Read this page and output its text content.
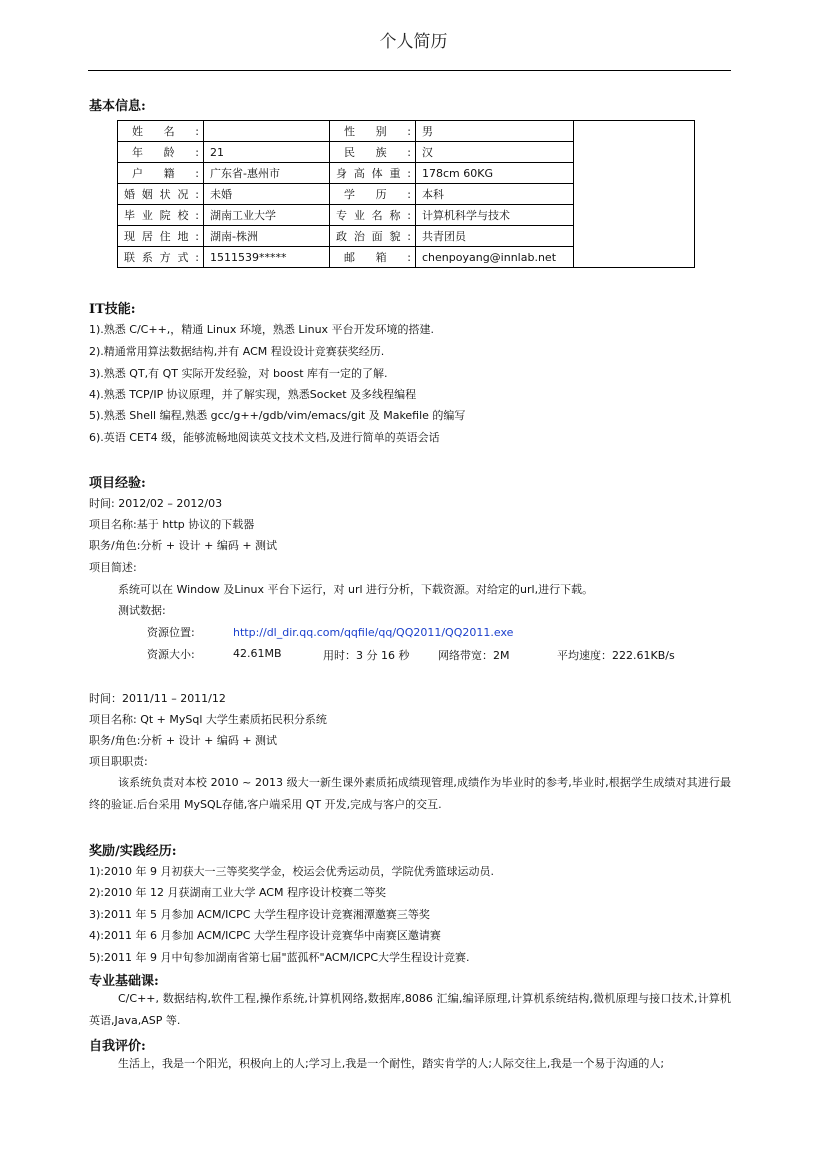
个人简历
基本信息:
姓名:		性别:	男	
年龄:	21	民族:	汉	
户籍:	广东省-惠州市	身高体重:	178cm 60KG	
婚姻状况:	未婚	学历:	本科	
毕业院校:	湖南工业大学	专业名称:	计算机科学与技术	
现居住地:	湖南-株洲	政治面貌:	共青团员	
联系方式:	1511539*****	邮箱:	chenpoyang@innlab.net	
IT技能:
1).熟悉 C/C++,，精通 Linux 环境，熟悉 Linux 平台开发环境的搭建.
2).精通常用算法数据结构,并有 ACM 程设设计竞赛获奖经历.
3).熟悉 QT,有 QT 实际开发经验，对 boost 库有一定的了解.
4).熟悉 TCP/IP 协议原理，并了解实现，熟悉Socket 及多线程编程
5).熟悉 Shell 编程,熟悉 gcc/g++/gdb/vim/emacs/git 及 Makefile 的编写
6).英语 CET4 级，能够流畅地阅读英文技术文档,及进行简单的英语会话
项目经验:
时间: 2012/02 – 2012/03
项目名称:基于 http 协议的下载器
职务/角色:分析 + 设计 + 编码 + 测试
项目简述:
系统可以在 Window 及Linux 平台下运行，对 url 进行分析，下载资源。对给定的url,进行下载。
测试数据:
资源位置:	http://dl_dir.qq.com/qqfile/qq/QQ2011/QQ2011.exe
资源大小:	42.61MB	用时：3 分 16 秒	网络带宽：2M	平均速度：222.61KB/s
时间：2011/11 – 2011/12
项目名称: Qt + MySql 大学生素质拓民积分系统
职务/角色:分析 + 设计 + 编码 + 测试
项目职职责:
该系统负责对本校 2010 ~ 2013 级大一新生课外素质拓成绩现管理,成绩作为毕业时的参考,毕业时,根据学生成绩对其进行最终的验证.后台采用 MySQL存储,客户端采用 QT 开发,完成与客户的交互.
奖励/实践经历:
1):2010 年 9 月初获大一三等奖奖学金，校运会优秀运动员，学院优秀篮球运动员.
2):2010 年 12 月获湖南工业大学 ACM 程序设计校赛二等奖
3):2011 年 5 月参加 ACM/ICPC 大学生程序设计竞赛湘潭邀赛三等奖
4):2011 年 6 月参加 ACM/ICPC 大学生程序设计竞赛华中南赛区邀请赛
5):2011 年 9 月中旬参加湖南省第七届"蓝孤杯"ACM/ICPC大学生程设计竞赛.
专业基础课:
C/C++, 数据结构,软件工程,操作系统,计算机网络,数据库,8086 汇编,编译原理,计算机系统结构,微机原理与接口技术,计算机英语,Java,ASP 等.
自我评价:
生活上，我是一个阳光，积极向上的人;学习上,我是一个耐性，踏实肯学的人;人际交往上,我是一个易于沟通的人;
